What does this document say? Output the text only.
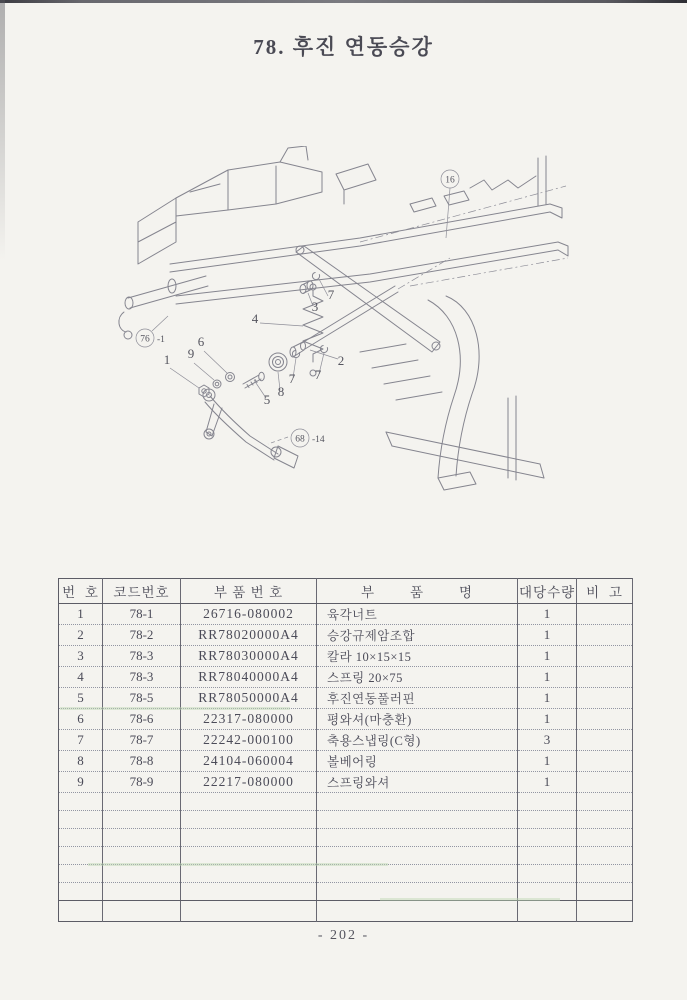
78. 후진 연동승강
16
76 -1
68 -14
1 9
6
5
8
7 7
7
3
4
2
번  호	코드번호	부 품 번 호	부        품        명	대당수량	비  고
1	78-1	26716-080002	육각너트	1	
2	78-2	RR78020000A4	승강규제암조합	1	
3	78-3	RR78030000A4	칼라 10×15×15	1	
4	78-3	RR78040000A4	스프링 20×75	1	
5	78-5	RR78050000A4	후진연동풀러핀	1	
6	78-6	22317-080000	평와셔(마충환)	1	
7	78-7	22242-000100	축용스냅링(C형)	3	
8	78-8	24104-060004	볼베어링	1	
9	78-9	22217-080000	스프링와셔	1	

- 202 -
